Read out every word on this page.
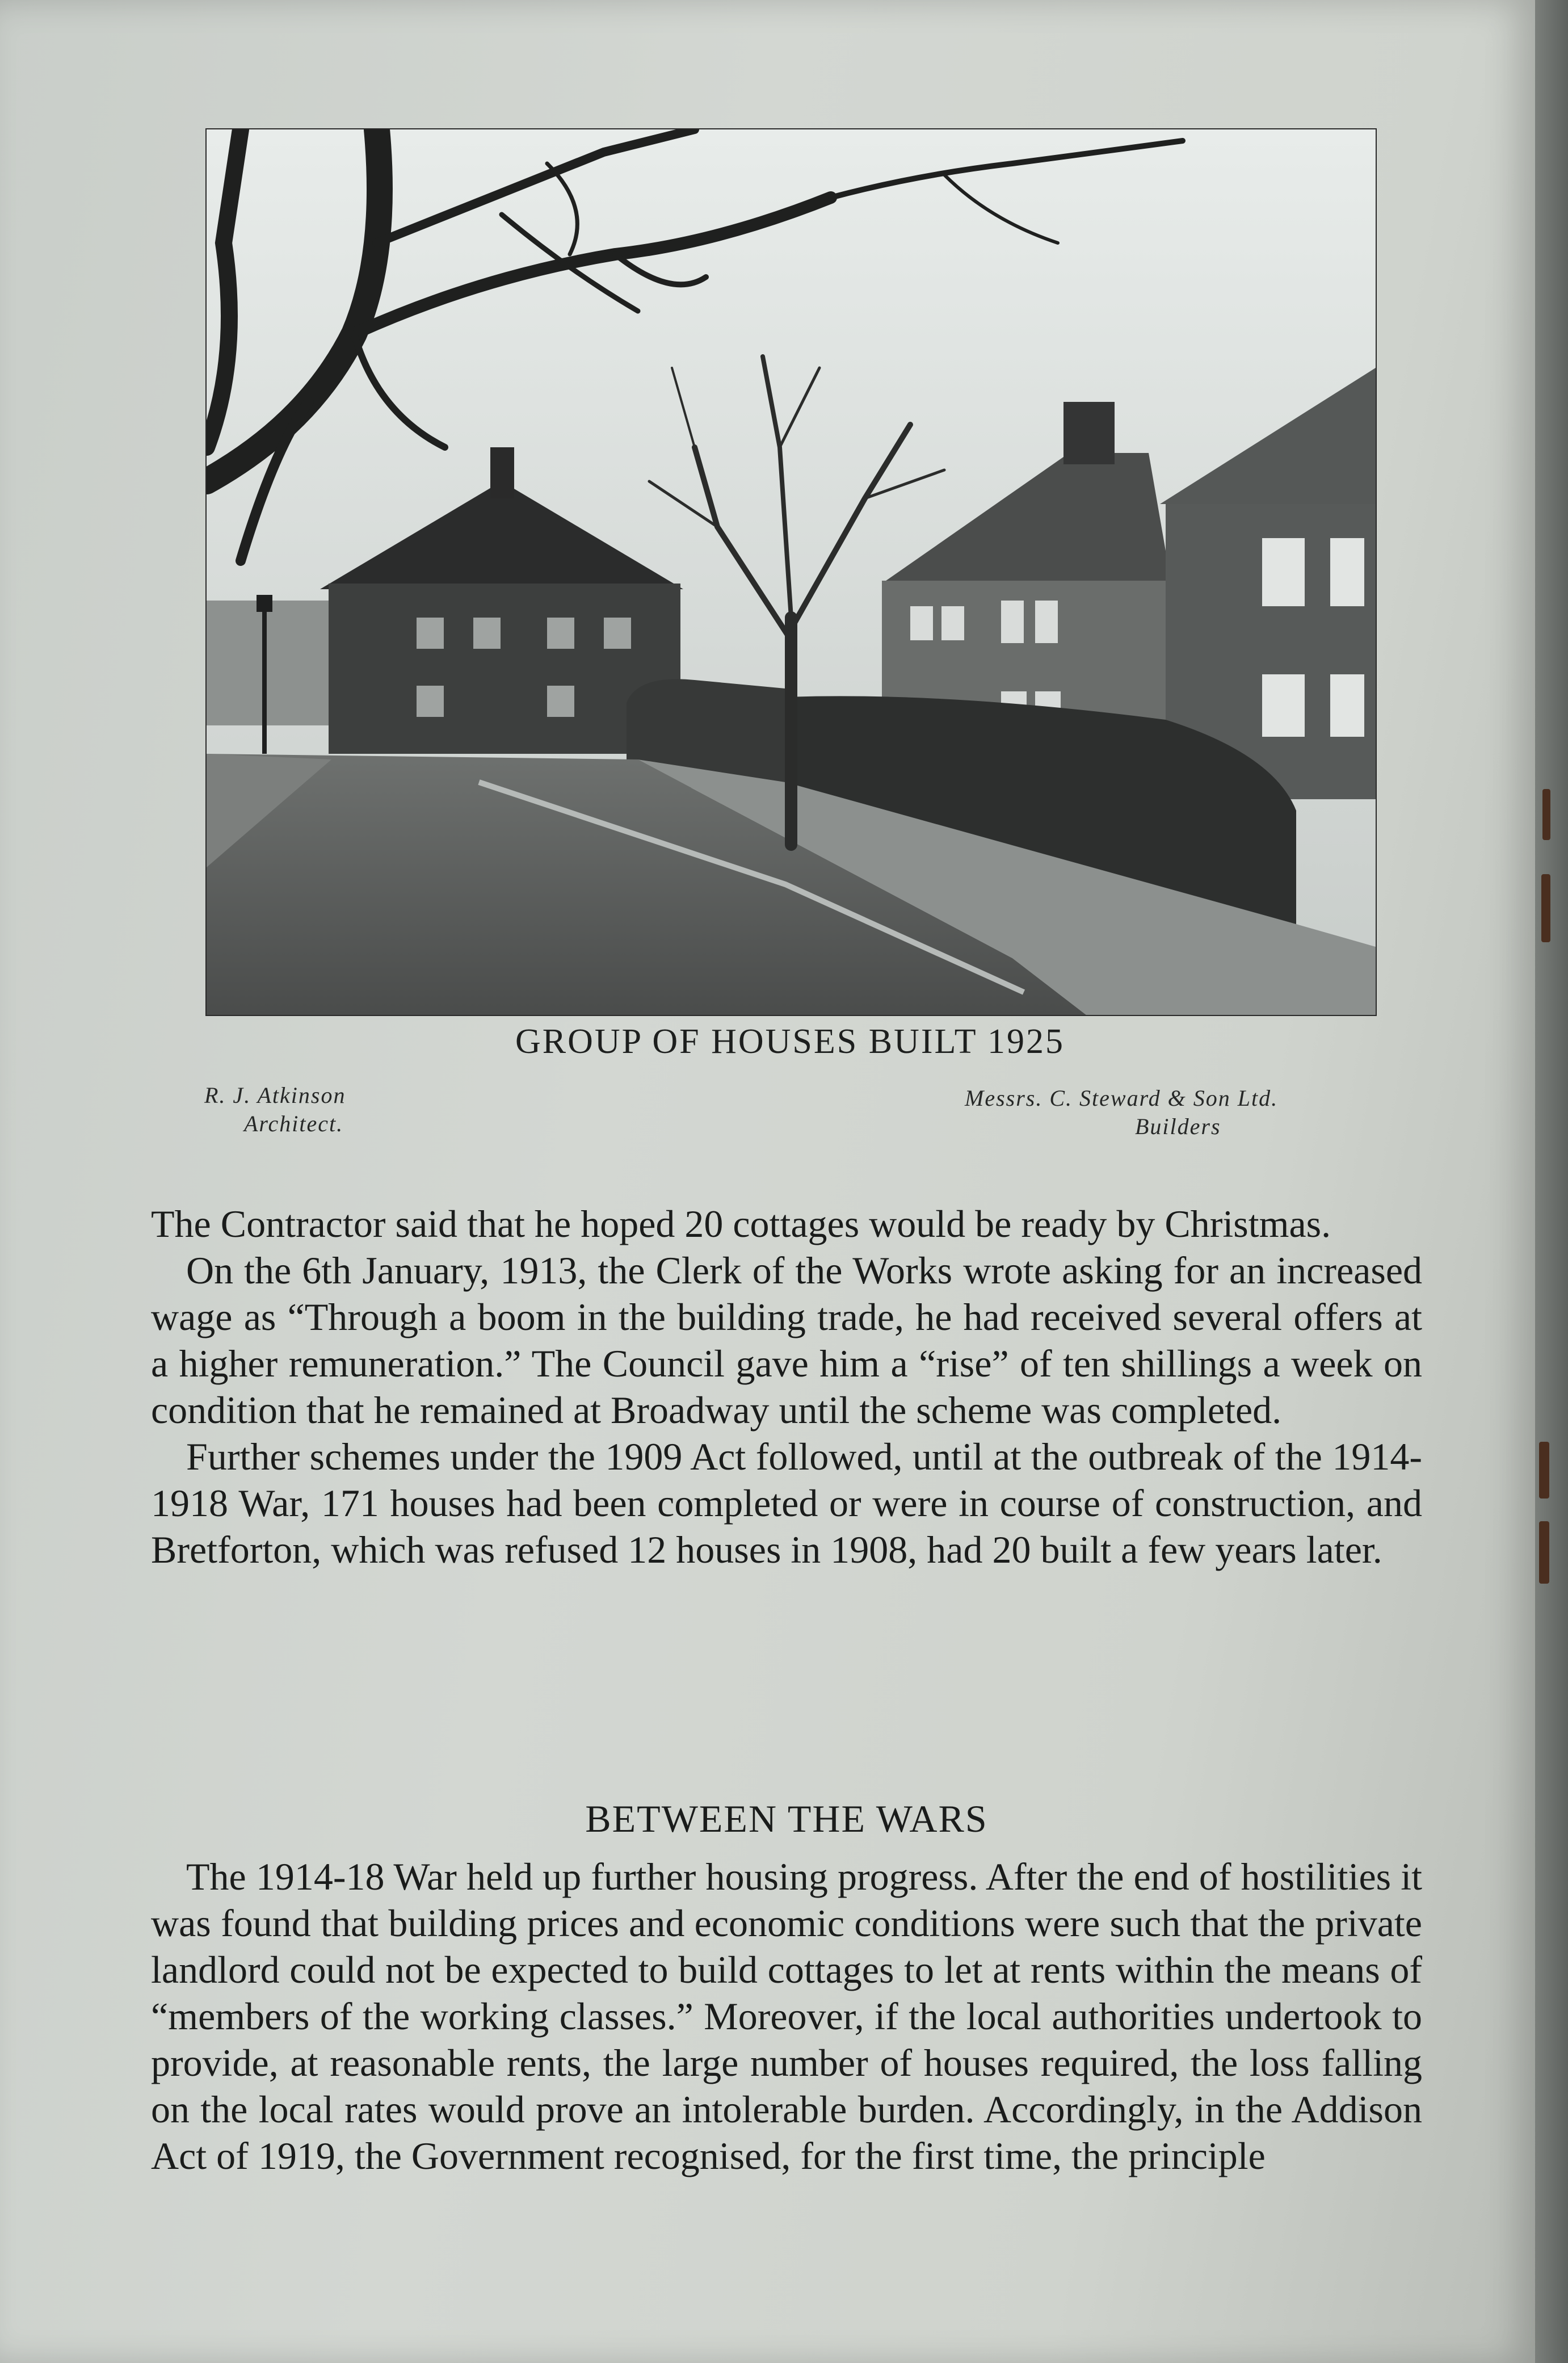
GROUP OF HOUSES BUILT 1925
R. J. Atkinson
Architect.
Messrs. C. Steward & Son Ltd.
Builders

The Contractor said that he hoped 20 cottages would be ready by Christmas.

On the 6th January, 1913, the Clerk of the Works wrote asking for an increased wage as “Through a boom in the building trade, he had received several offers at a higher remuneration.” The Council gave him a “rise” of ten shillings a week on condition that he remained at Broadway until the scheme was completed.

Further schemes under the 1909 Act followed, until at the outbreak of the 1914-1918 War, 171 houses had been completed or were in course of construction, and Bretforton, which was refused 12 houses in 1908, had 20 built a few years later.

BETWEEN THE WARS

The 1914-18 War held up further housing progress. After the end of hostilities it was found that building prices and economic conditions were such that the private landlord could not be expected to build cottages to let at rents within the means of “members of the working classes.” Moreover, if the local authorities undertook to provide, at reasonable rents, the large number of houses required, the loss falling on the local rates would prove an intolerable burden. Accordingly, in the Addison Act of 1919, the Government recognised, for the first time, the principle
